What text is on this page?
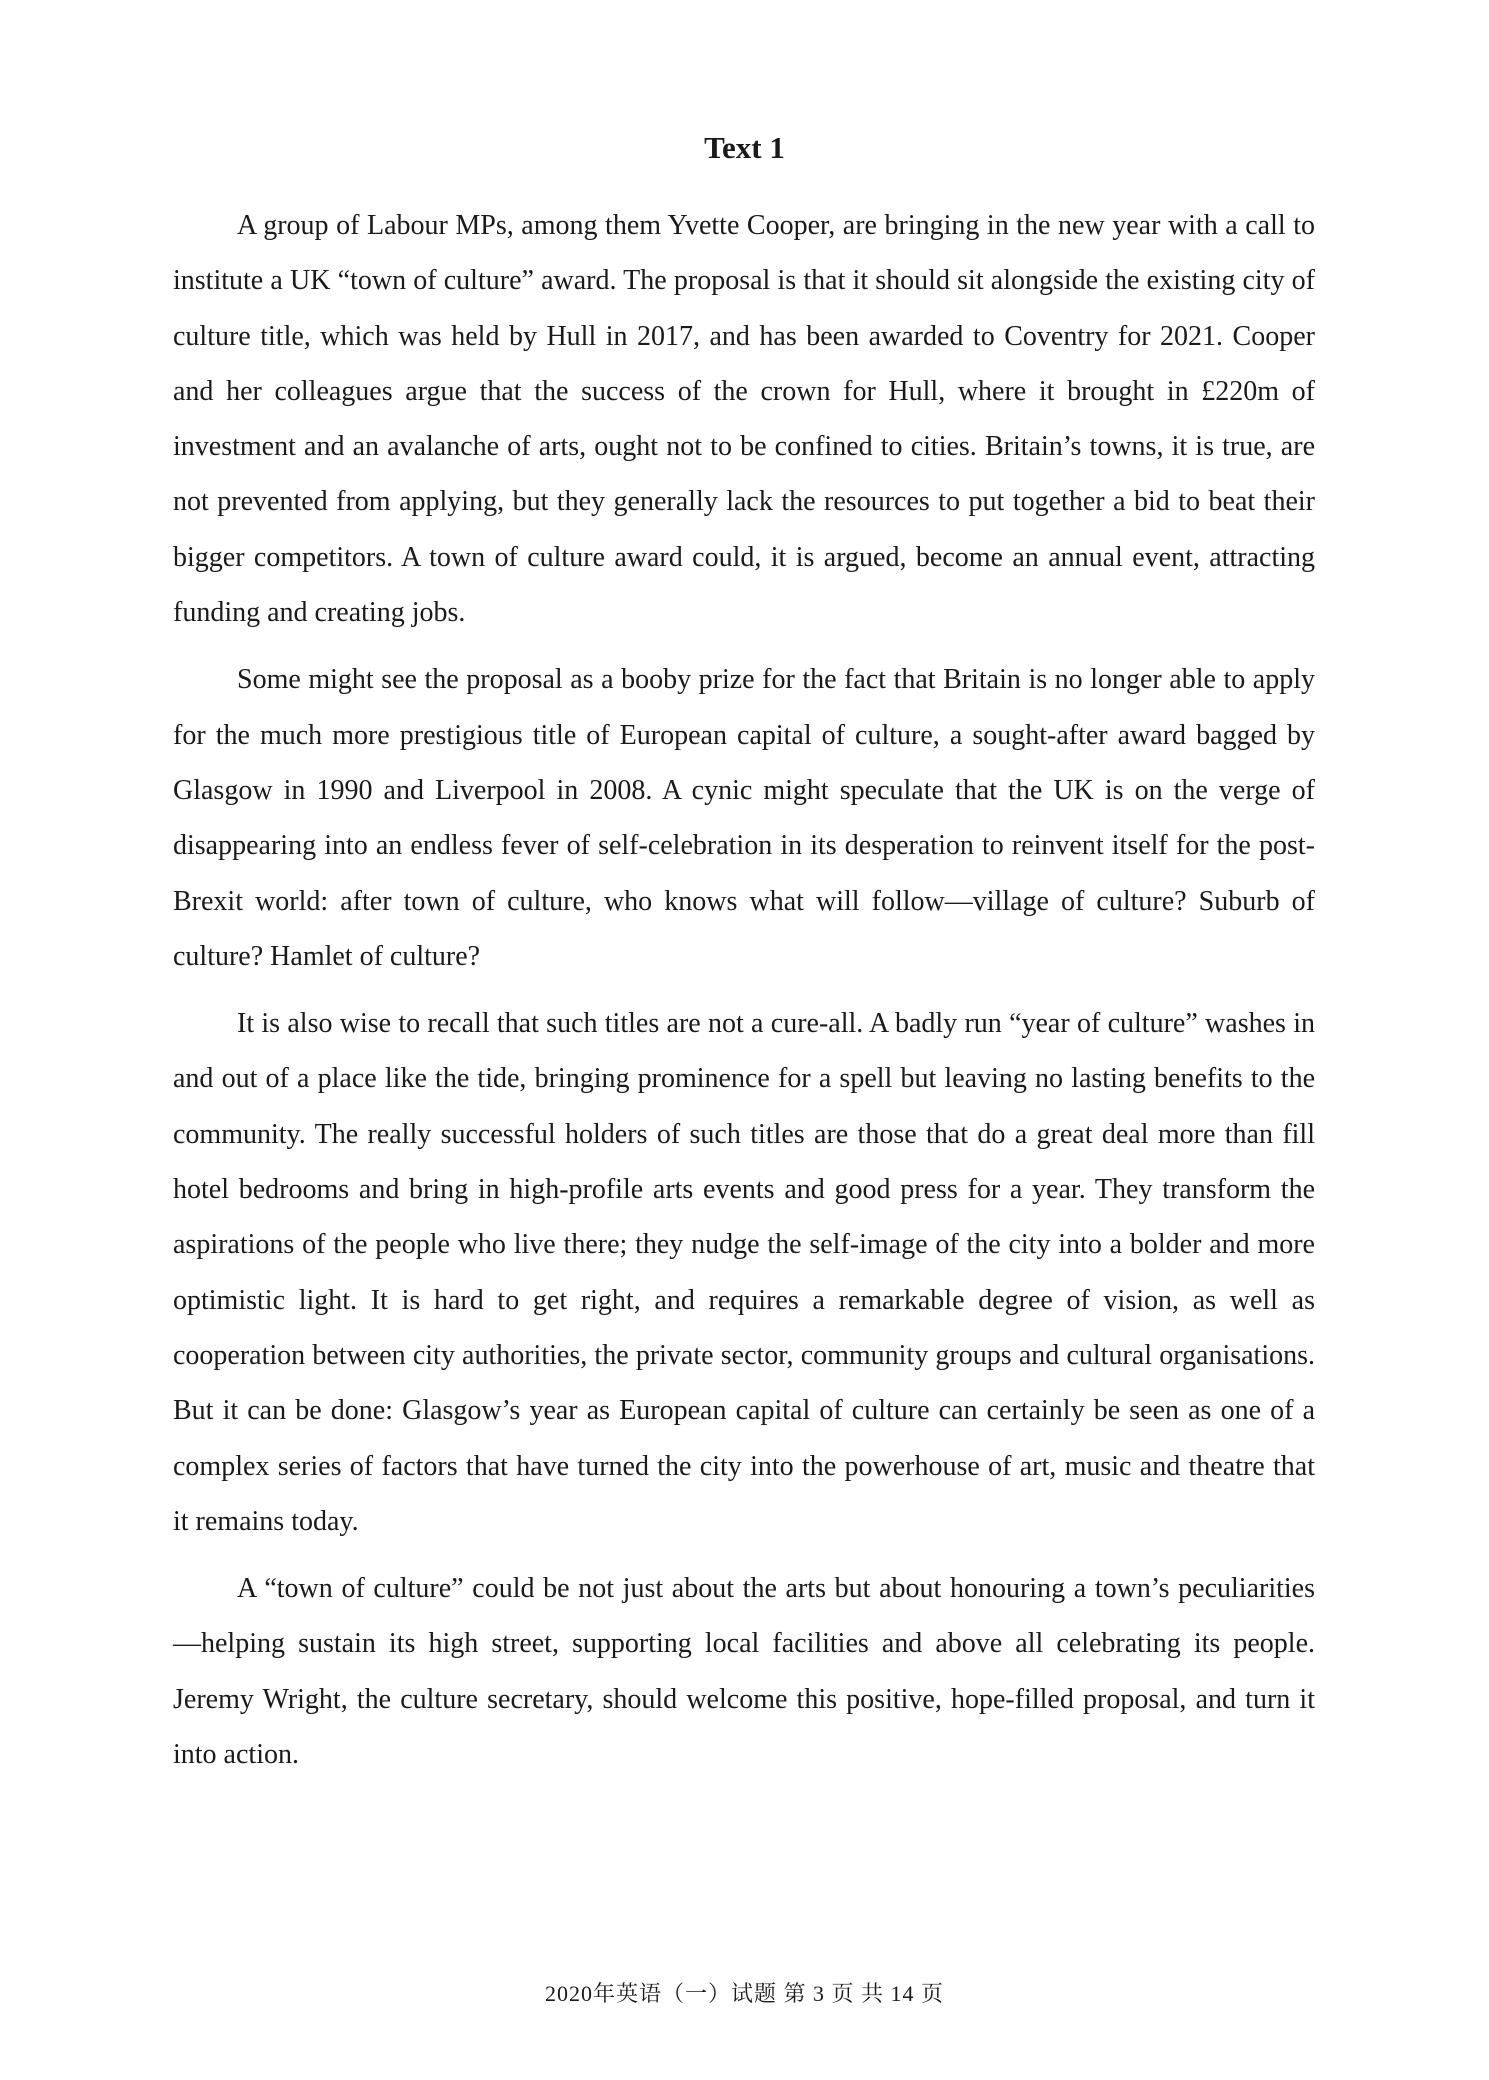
Text 1

A group of Labour MPs, among them Yvette Cooper, are bringing in the new year with a call to institute a UK “town of culture” award. The proposal is that it should sit alongside the existing city of culture title, which was held by Hull in 2017, and has been awarded to Coventry for 2021. Cooper and her colleagues argue that the success of the crown for Hull, where it brought in £220m of investment and an avalanche of arts, ought not to be confined to cities. Britain’s towns, it is true, are not prevented from applying, but they generally lack the resources to put together a bid to beat their bigger competitors. A town of culture award could, it is argued, become an annual event, attracting funding and creating jobs.

Some might see the proposal as a booby prize for the fact that Britain is no longer able to apply for the much more prestigious title of European capital of culture, a sought-after award bagged by Glasgow in 1990 and Liverpool in 2008. A cynic might speculate that the UK is on the verge of disappearing into an endless fever of self-celebration in its desperation to reinvent itself for the post-Brexit world: after town of culture, who knows what will follow—village of culture? Suburb of culture? Hamlet of culture?

It is also wise to recall that such titles are not a cure-all. A badly run “year of culture” washes in and out of a place like the tide, bringing prominence for a spell but leaving no lasting benefits to the community. The really successful holders of such titles are those that do a great deal more than fill hotel bedrooms and bring in high-profile arts events and good press for a year. They transform the aspirations of the people who live there; they nudge the self-image of the city into a bolder and more optimistic light. It is hard to get right, and requires a remarkable degree of vision, as well as cooperation between city authorities, the private sector, community groups and cultural organisations. But it can be done: Glasgow’s year as European capital of culture can certainly be seen as one of a complex series of factors that have turned the city into the powerhouse of art, music and theatre that it remains today.

A “town of culture” could be not just about the arts but about honouring a town’s peculiarities—helping sustain its high street, supporting local facilities and above all celebrating its people. Jeremy Wright, the culture secretary, should welcome this positive, hope-filled proposal, and turn it into action.

2020年英语（一）试题 第 3 页 共 14 页
